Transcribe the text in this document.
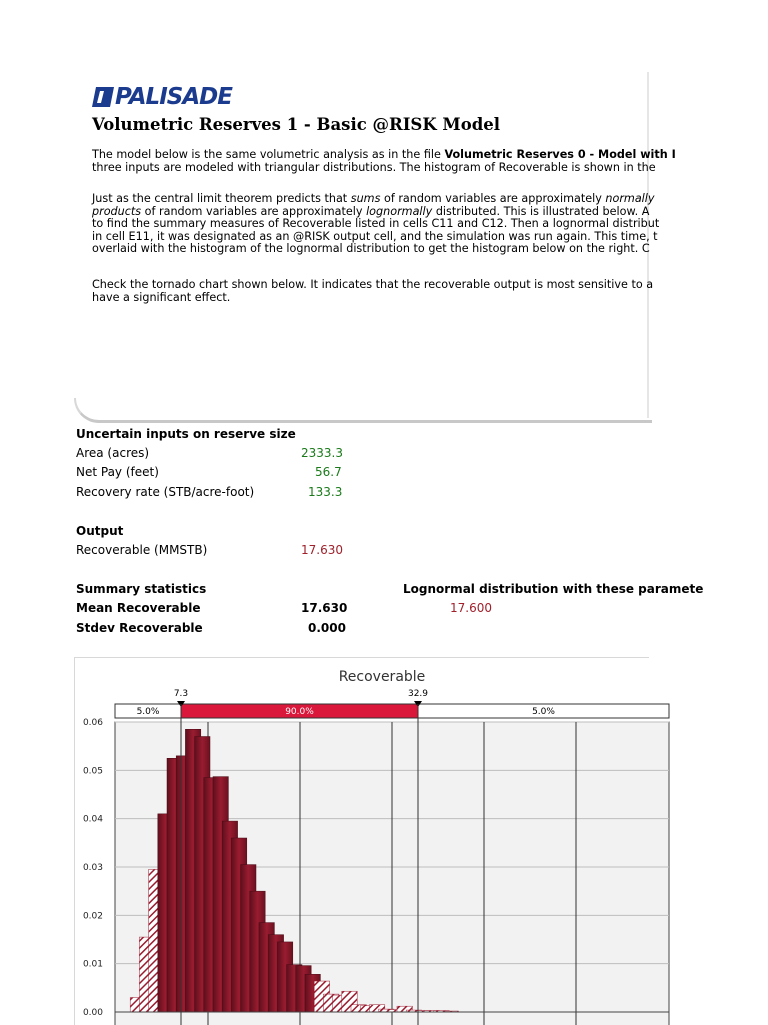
PALISADE
Volumetric Reserves 1 - Basic @RISK Model
The model below is the same volumetric analysis as in the file Volumetric Reserves 0 - Model with I
three inputs are modeled with triangular distributions. The histogram of Recoverable is shown in the
Just as the central limit theorem predicts that sums of random variables are approximately normally
products of random variables are approximately lognormally distributed. This is illustrated below. A
to find the summary measures of Recoverable listed in cells C11 and C12. Then a lognormal distribut
in cell E11, it was designated as an @RISK output cell, and the simulation was run again. This time, t
overlaid with the histogram of the lognormal distribution to get the histogram below on the right. C
Check the tornado chart shown below. It indicates that the recoverable output is most sensitive to a
have a significant effect.
Uncertain inputs on reserve size
Area (acres)	2333.3
Net Pay (feet)	56.7
Recovery rate (STB/acre-foot)	133.3
Output
Recoverable (MMSTB)	17.630
Summary statistics	Lognormal distribution with these paramete
Mean Recoverable	17.630	17.600
Stdev Recoverable	0.000
Recoverable
0.00
0.01
0.02
0.03
0.04
0.05
0.06
5.0%	90.0%	5.0%
7.3	32.9
